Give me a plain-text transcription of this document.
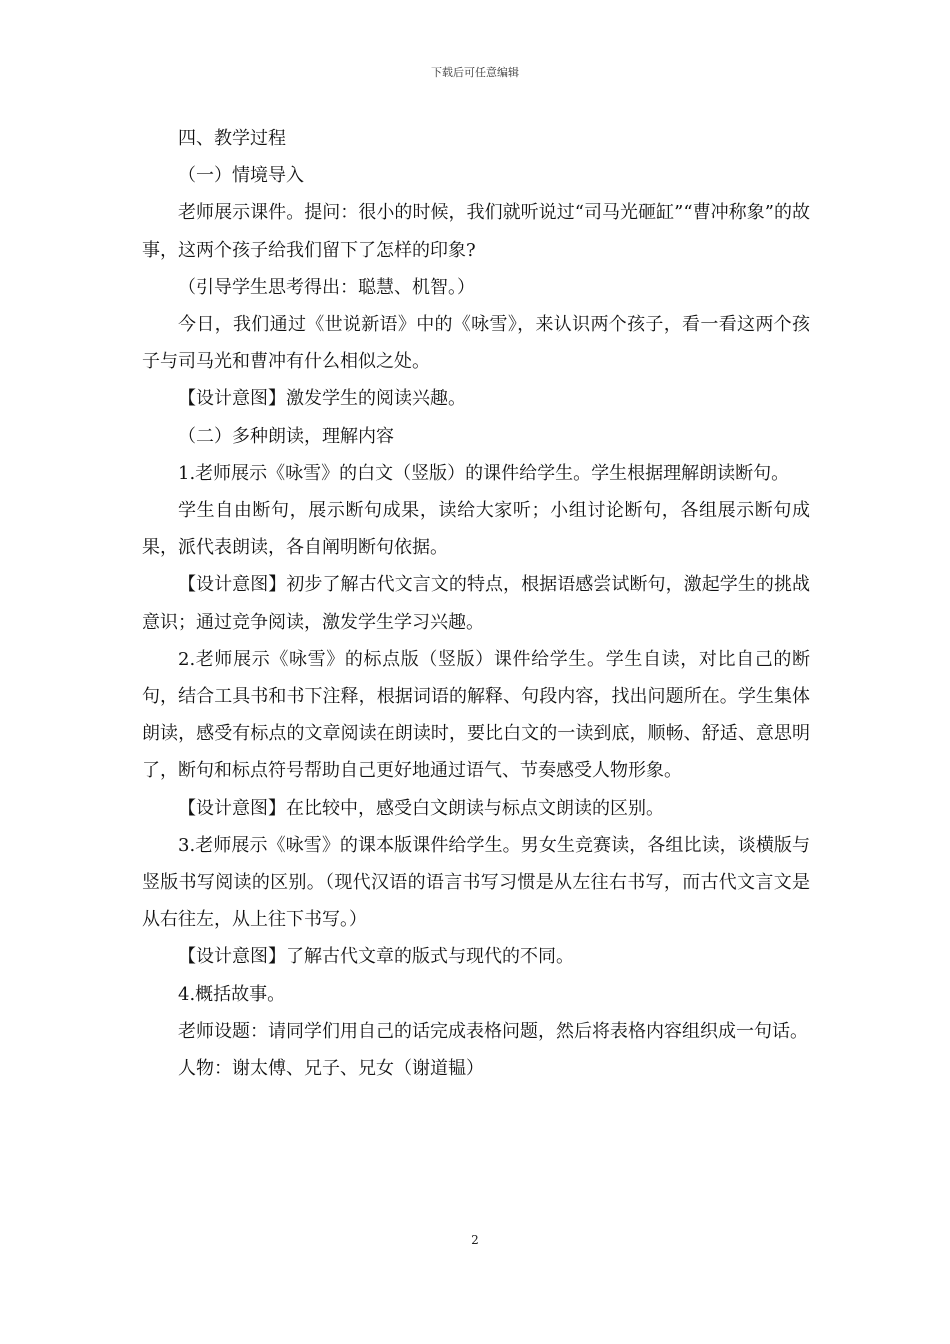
下载后可任意编辑

四、教学过程

（一）情境导入

老师展示课件。提问：很小的时候，我们就听说过“司马光砸缸”“曹冲称象”的故事，这两个孩子给我们留下了怎样的印象?

（引导学生思考得出：聪慧、机智。）

今日，我们通过《世说新语》中的《咏雪》，来认识两个孩子，看一看这两个孩子与司马光和曹冲有什么相似之处。

【设计意图】激发学生的阅读兴趣。

（二）多种朗读，理解内容

1.老师展示《咏雪》的白文（竖版）的课件给学生。学生根据理解朗读断句。

学生自由断句，展示断句成果，读给大家听；小组讨论断句，各组展示断句成果，派代表朗读，各自阐明断句依据。

【设计意图】初步了解古代文言文的特点，根据语感尝试断句，激起学生的挑战意识；通过竞争阅读，激发学生学习兴趣。

2.老师展示《咏雪》的标点版（竖版）课件给学生。学生自读，对比自己的断句，结合工具书和书下注释，根据词语的解释、句段内容，找出问题所在。学生集体朗读，感受有标点的文章阅读在朗读时，要比白文的一读到底，顺畅、舒适、意思明了，断句和标点符号帮助自己更好地通过语气、节奏感受人物形象。

【设计意图】在比较中，感受白文朗读与标点文朗读的区别。

3.老师展示《咏雪》的课本版课件给学生。男女生竞赛读，各组比读，谈横版与竖版书写阅读的区别。（现代汉语的语言书写习惯是从左往右书写，而古代文言文是从右往左，从上往下书写。）

【设计意图】了解古代文章的版式与现代的不同。

4.概括故事。

老师设题：请同学们用自己的话完成表格问题，然后将表格内容组织成一句话。

人物：谢太傅、兄子、兄女（谢道韫）

2
